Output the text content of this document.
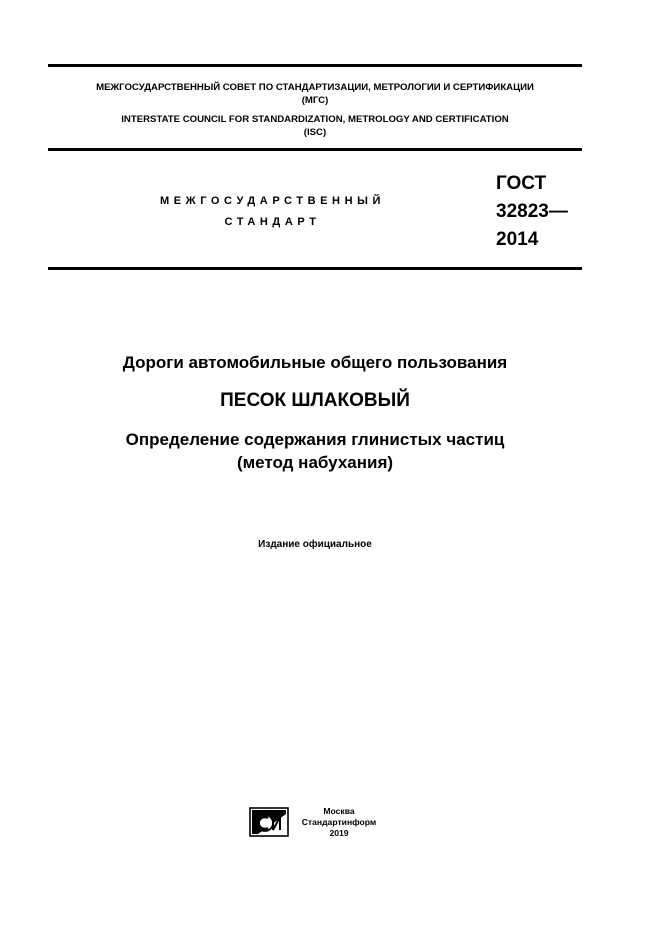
МЕЖГОСУДАРСТВЕННЫЙ СОВЕТ ПО СТАНДАРТИЗАЦИИ, МЕТРОЛОГИИ И СЕРТИФИКАЦИИ
(МГС)
INTERSTATE COUNCIL FOR STANDARDIZATION, METROLOGY AND CERTIFICATION
(ISC)
МЕЖГОСУДАРСТВЕННЫЙ
СТАНДАРТ
ГОСТ
32823—
2014
Дороги автомобильные общего пользования
ПЕСОК ШЛАКОВЫЙ
Определение содержания глинистых частиц
(метод набухания)
Издание официальное
Москва
Стандартинформ
2019
